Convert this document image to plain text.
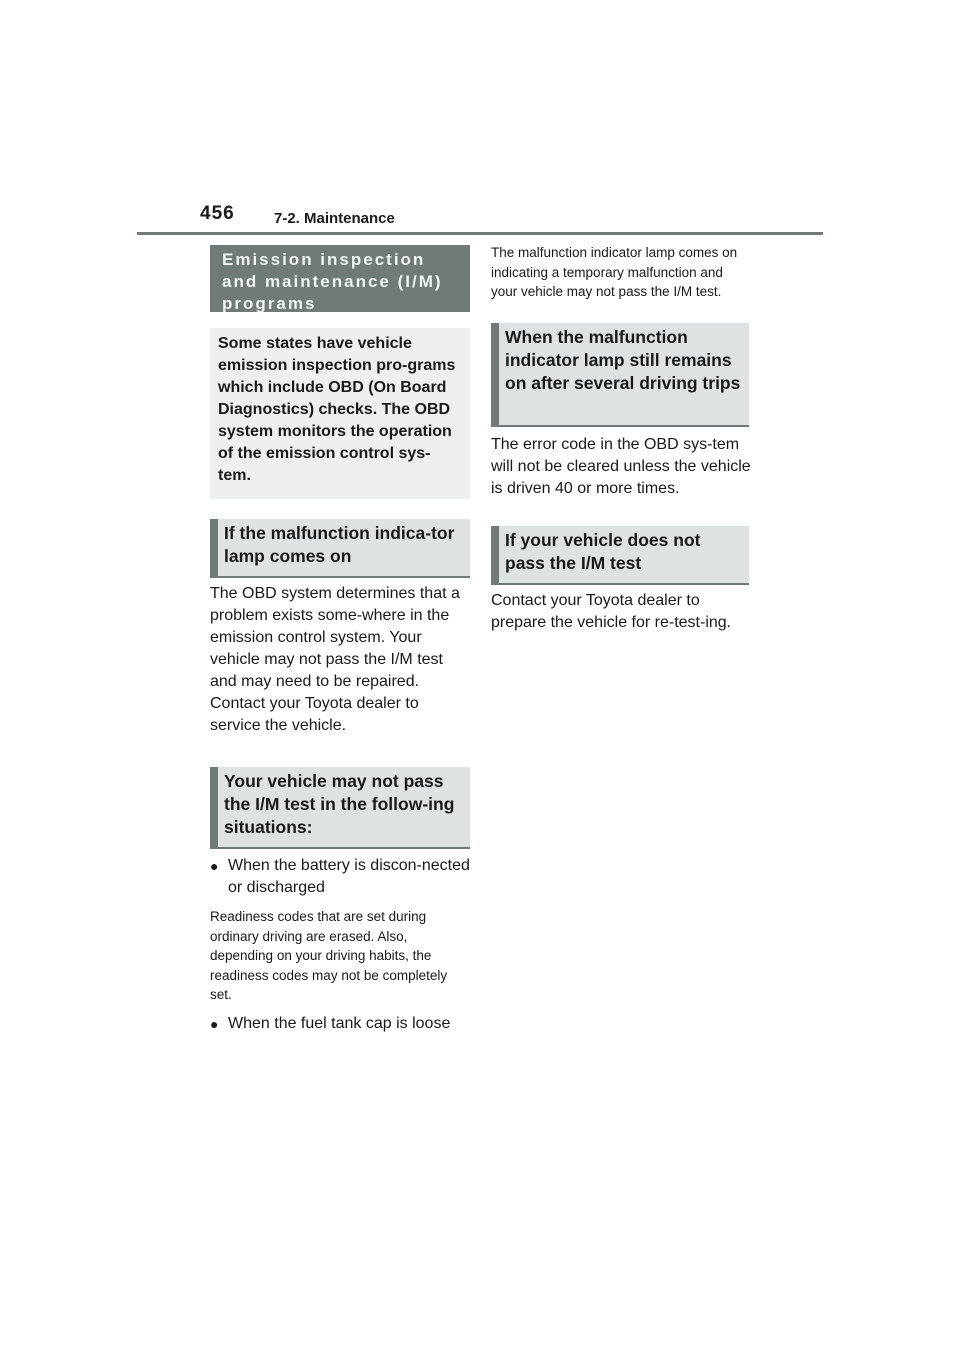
456	7-2. Maintenance
Emission inspection and maintenance (I/M) programs
Some states have vehicle emission inspection pro-grams which include OBD (On Board Diagnostics) checks. The OBD system monitors the operation of the emission control sys-tem.
If the malfunction indica-tor lamp comes on
The OBD system determines that a problem exists some-where in the emission control system. Your vehicle may not pass the I/M test and may need to be repaired. Contact your Toyota dealer to service the vehicle.
Your vehicle may not pass the I/M test in the follow-ing situations:
● When the battery is discon-nected or discharged
Readiness codes that are set during ordinary driving are erased. Also, depending on your driving habits, the readiness codes may not be completely set.
● When the fuel tank cap is loose
The malfunction indicator lamp comes on indicating a temporary malfunction and your vehicle may not pass the I/M test.
When the malfunction indicator lamp still remains on after several driving trips
The error code in the OBD sys-tem will not be cleared unless the vehicle is driven 40 or more times.
If your vehicle does not pass the I/M test
Contact your Toyota dealer to prepare the vehicle for re-test-ing.
